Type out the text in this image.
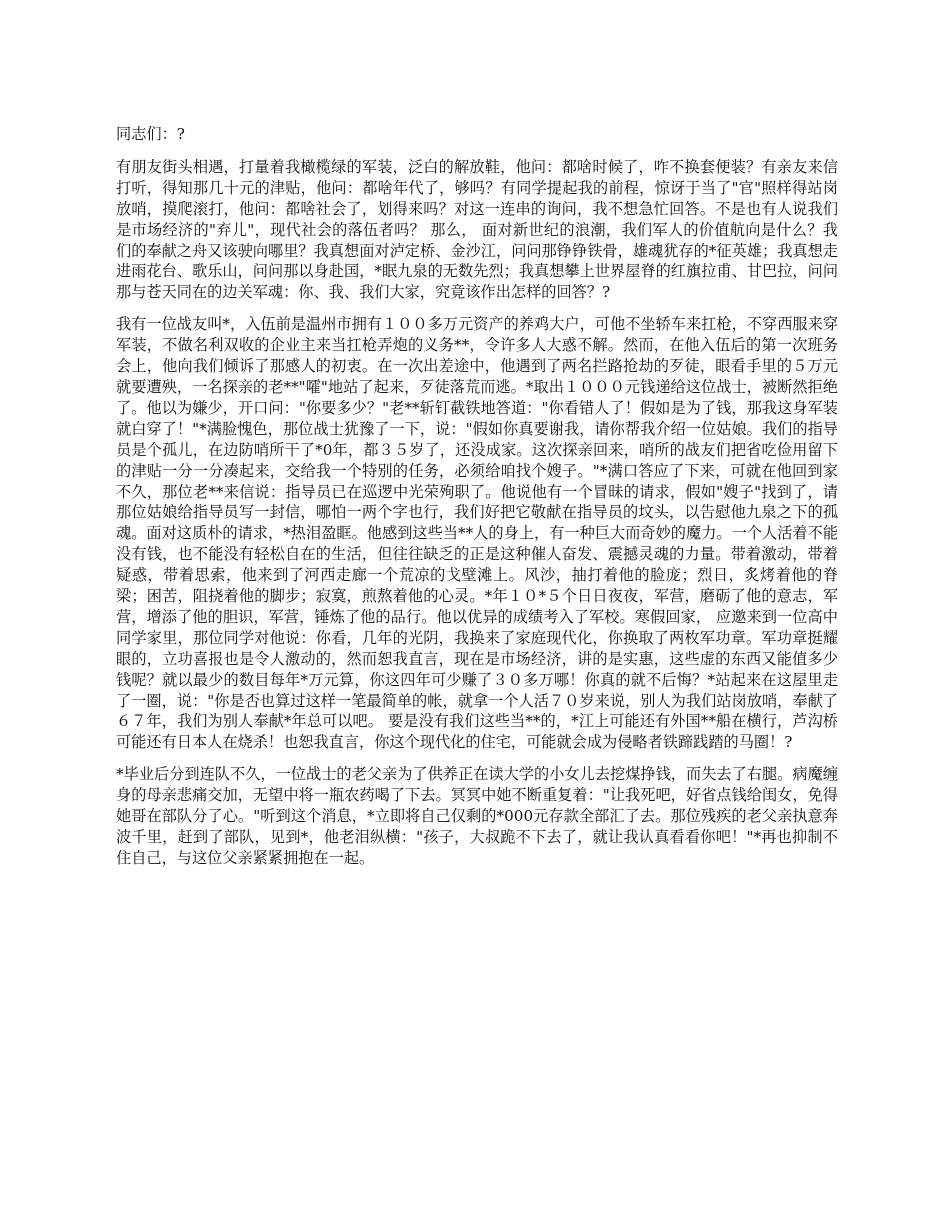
同志们：?

有朋友街头相遇，打量着我橄榄绿的军装，泛白的解放鞋，他问：都啥时候了，咋不换套便装？有亲友来信打听，得知那几十元的津贴，他问：都啥年代了，够吗？有同学提起我的前程，惊讶于当了"官"照样得站岗放哨，摸爬滚打，他问：都啥社会了，划得来吗？对这一连串的询问，我不想急忙回答。不是也有人说我们是市场经济的"弃儿"，现代社会的落伍者吗？ 那么， 面对新世纪的浪潮，我们军人的价值航向是什么？我们的奉献之舟又该驶向哪里？我真想面对泸定桥、金沙江，问问那铮铮铁骨，雄魂犹存的*征英雄；我真想走进雨花台、歌乐山，问问那以身赴国，*眠九泉的无数先烈；我真想攀上世界屋脊的红旗拉甫、甘巴拉，问问那与苍天同在的边关军魂：你、我、我们大家，究竟该作出怎样的回答？?

我有一位战友叫*，入伍前是温州市拥有１００多万元资产的养鸡大户，可他不坐轿车来扛枪，不穿西服来穿军装，不做名利双收的企业主来当扛枪弄炮的义务**，令许多人大惑不解。然而，在他入伍后的第一次班务会上，他向我们倾诉了那感人的初衷。在一次出差途中，他遇到了两名拦路抢劫的歹徒，眼看手里的５万元就要遭殃，一名探亲的老**"嚯"地站了起来，歹徒落荒而逃。*取出１０００元钱递给这位战士，被断然拒绝了。他以为嫌少，开口问："你要多少？"老**斩钉截铁地答道："你看错人了！假如是为了钱，那我这身军装就白穿了！"*满脸愧色，那位战士犹豫了一下，说："假如你真要谢我，请你帮我介绍一位姑娘。我们的指导员是个孤儿，在边防哨所干了*0年，都３５岁了，还没成家。这次探亲回来，哨所的战友们把省吃俭用留下的津贴一分一分凑起来，交给我一个特别的任务，必须给咱找个嫂子。"*满口答应了下来，可就在他回到家不久，那位老**来信说：指导员已在巡逻中光荣殉职了。他说他有一个冒昧的请求，假如"嫂子"找到了，请那位姑娘给指导员写一封信，哪怕一两个字也行，我们好把它敬献在指导员的坟头，以告慰他九泉之下的孤魂。面对这质朴的请求，*热泪盈眶。他感到这些当**人的身上，有一种巨大而奇妙的魔力。一个人活着不能没有钱，也不能没有轻松自在的生活，但往往缺乏的正是这种催人奋发、震撼灵魂的力量。带着激动，带着疑惑，带着思索，他来到了河西走廊一个荒凉的戈壁滩上。风沙，抽打着他的脸庞；烈日，炙烤着他的脊梁；困苦，阻挠着他的脚步；寂寞，煎熬着他的心灵。*年１０*５个日日夜夜，军营，磨砺了他的意志，军营，增添了他的胆识，军营，锤炼了他的品行。他以优异的成绩考入了军校。寒假回家， 应邀来到一位高中同学家里，那位同学对他说：你看，几年的光阴，我换来了家庭现代化，你换取了两枚军功章。军功章挺耀眼的，立功喜报也是令人激动的，然而恕我直言，现在是市场经济，讲的是实惠，这些虚的东西又能值多少钱呢？就以最少的数目每年*万元算，你这四年可少赚了３０多万哪！你真的就不后悔？*站起来在这屋里走了一圈，说："你是否也算过这样一笔最简单的帐，就拿一个人活７０岁来说，别人为我们站岗放哨，奉献了６７年，我们为别人奉献*年总可以吧。 要是没有我们这些当**的，*江上可能还有外国**船在横行，芦沟桥可能还有日本人在烧杀！也恕我直言，你这个现代化的住宅，可能就会成为侵略者铁蹄践踏的马圈！?

*毕业后分到连队不久，一位战士的老父亲为了供养正在读大学的小女儿去挖煤挣钱，而失去了右腿。病魔缠身的母亲悲痛交加，无望中将一瓶农药喝了下去。冥冥中她不断重复着："让我死吧，好省点钱给闺女，免得她哥在部队分了心。"听到这个消息，*立即将自己仅剩的*000元存款全部汇了去。那位残疾的老父亲执意奔波千里，赶到了部队，见到*，他老泪纵横："孩子，大叔跪不下去了，就让我认真看看你吧！"*再也抑制不住自己，与这位父亲紧紧拥抱在一起。
